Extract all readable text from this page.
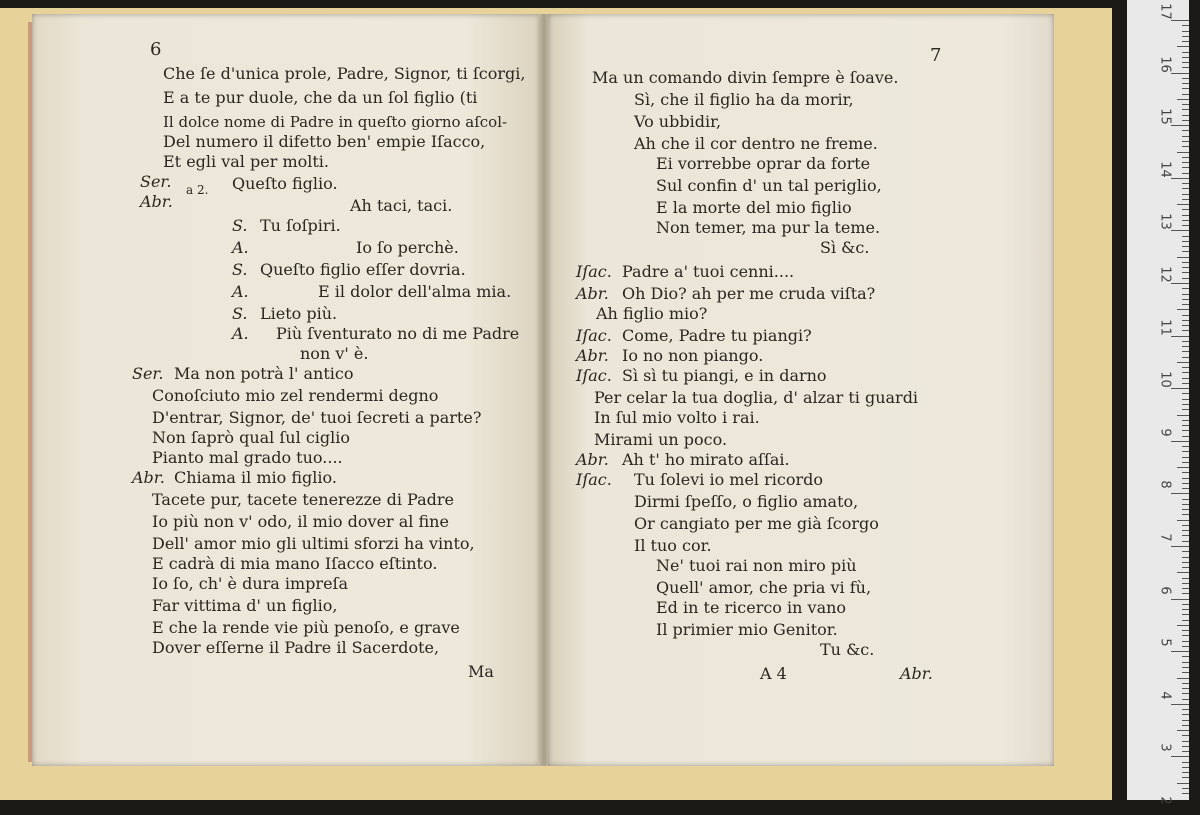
6
Che ſe d'unica prole, Padre, Signor, ti ſcorgi,
E a te pur duole, che da un ſol figlio (ti
Il dolce nome di Padre in queſto giorno aſcol-
Del numero il difetto ben' empie Iſacco,
Et egli val per molti.
Ser.
Abr.
a 2. Queſto figlio.
Ah taci, taci.
S. Tu ſoſpiri.
A.	Io ſo perchè.
S. Queſto figlio eſſer dovria.
A.	E il dolor dell'alma mia.
S. Lieto più.
A. Più ſventurato no di me Padre
non v' è.
Ser. Ma non potrà l' antico
Conoſciuto mio zel rendermi degno
D'entrar, Signor, de' tuoi ſecreti a parte?
Non ſaprò qual ſul ciglio
Pianto mal grado tuo....
Abr. Chiama il mio figlio.
Tacete pur, tacete tenerezze di Padre
Io più non v' odo, il mio dover al fine
Dell' amor mio gli ultimi sforzi ha vinto,
E cadrà di mia mano Iſacco eſtinto.
Io ſo, ch' è dura impreſa
Far vittima d' un figlio,
E che la rende vie più penoſo, e grave
Dover eſſerne il Padre il Sacerdote,
Ma
7
Ma un comando divin ſempre è ſoave.
Sì, che il figlio ha da morir,
Vo ubbidir,
Ah che il cor dentro ne freme.
Ei vorrebbe oprar da forte
Sul confin d' un tal periglio,
E la morte del mio figlio
Non temer, ma pur la teme.
Sì &c.
Iſac. Padre a' tuoi cenni....
Abr. Oh Dio? ah per me cruda viſta?
Ah figlio mio?
Iſac. Come, Padre tu piangi?
Abr. Io no non piango.
Iſac. Sì sì tu piangi, e in darno
Per celar la tua doglia, d' alzar ti guardi
In ſul mio volto i rai.
Mirami un poco.
Abr. Ah t' ho mirato aſſai.
Iſac. Tu ſolevi io mel ricordo
Dirmi ſpeſſo, o figlio amato,
Or cangiato per me già ſcorgo
Il tuo cor.
Ne' tuoi rai non miro più
Quell' amor, che pria vi fù,
Ed in te ricerco in vano
Il primier mio Genitor.
Tu &c.
A 4	Abr.
17
16
15
14
13
12
11
10
9
8
7
6
5
4
3
2
